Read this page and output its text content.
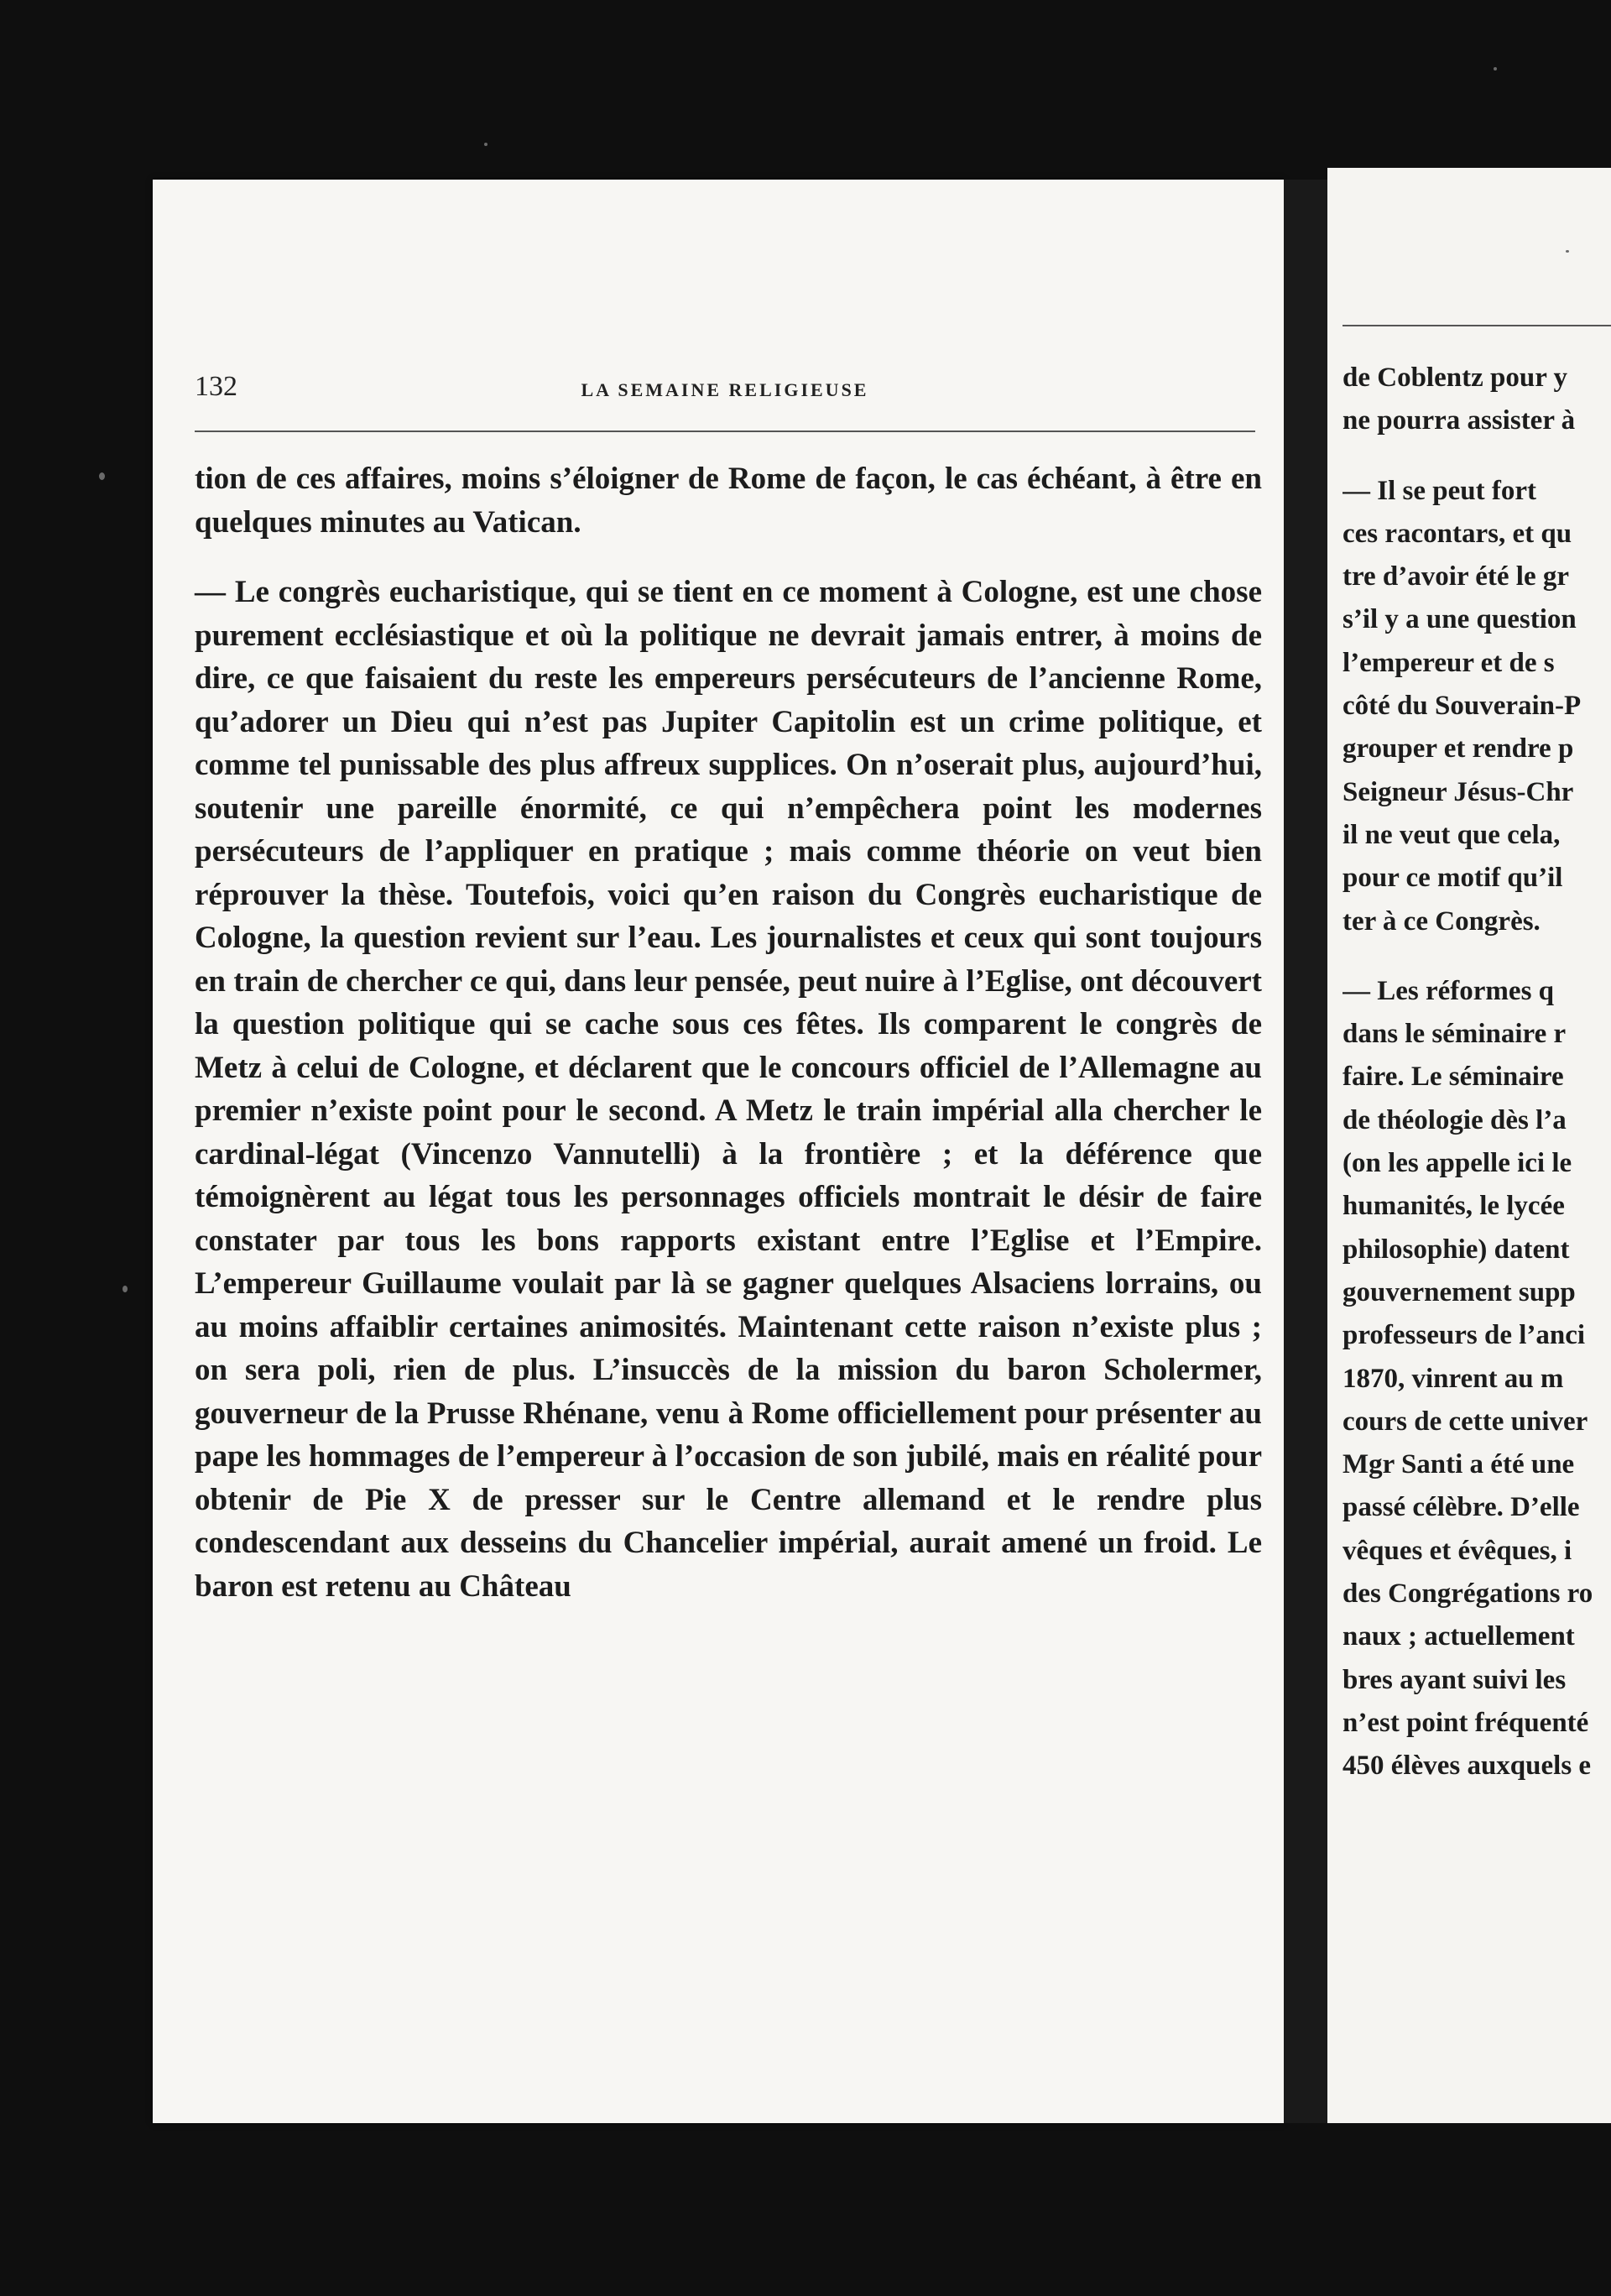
132	LA SEMAINE RELIGIEUSE

tion de ces affaires, moins s’éloigner de Rome de façon, le cas échéant, à être en quelques minutes au Vatican.

— Le congrès eucharistique, qui se tient en ce moment à Cologne, est une chose purement ecclésiastique et où la politique ne devrait jamais entrer, à moins de dire, ce que faisaient du reste les empereurs persécuteurs de l’ancienne Rome, qu’adorer un Dieu qui n’est pas Jupiter Capitolin est un crime politique, et comme tel punissable des plus affreux supplices. On n’oserait plus, aujourd’hui, soutenir une pareille énormité, ce qui n’empêchera point les modernes persécuteurs de l’appliquer en pratique ; mais comme théorie on veut bien réprouver la thèse. Toutefois, voici qu’en raison du Congrès eucharistique de Cologne, la question revient sur l’eau. Les journalistes et ceux qui sont toujours en train de chercher ce qui, dans leur pensée, peut nuire à l’Eglise, ont découvert la question politique qui se cache sous ces fêtes. Ils comparent le congrès de Metz à celui de Cologne, et déclarent que le concours officiel de l’Allemagne au premier n’existe point pour le second. A Metz le train impérial alla chercher le cardinal-légat (Vincenzo Vannutelli) à la frontière ; et la déférence que témoignèrent au légat tous les personnages officiels montrait le désir de faire constater par tous les bons rapports existant entre l’Eglise et l’Empire. L’empereur Guillaume voulait par là se gagner quelques Alsaciens lorrains, ou au moins affaiblir certaines animosités. Maintenant cette raison n’existe plus ; on sera poli, rien de plus. L’insuccès de la mission du baron Scholermer, gouverneur de la Prusse Rhénane, venu à Rome officiellement pour présenter au pape les hommages de l’empereur à l’occasion de son jubilé, mais en réalité pour obtenir de Pie X de presser sur le Centre allemand et le rendre plus condescendant aux desseins du Chancelier impérial, aurait amené un froid. Le baron est retenu au Château

de Coblentz pour y
ne pourra assister à
— Il se peut fort
ces racontars, et qu
tre d’avoir été le gr
s’il y a une question
l’empereur et de s
côté du Souverain-P
grouper et rendre p
Seigneur Jésus-Chr
il ne veut que cela,
pour ce motif qu’il
ter à ce Congrès.
— Les réformes q
dans le séminaire r
faire. Le séminaire
de théologie dès l’a
(on les appelle ici le
humanités, le lycée
philosophie) datent
gouvernement supp
professeurs de l’anci
1870, vinrent au m
cours de cette univer
Mgr Santi a été une
passé célèbre. D’elle
vêques et évêques, i
des Congrégations ro
naux ; actuellement
bres ayant suivi les
n’est point fréquenté
450 élèves auxquels e
